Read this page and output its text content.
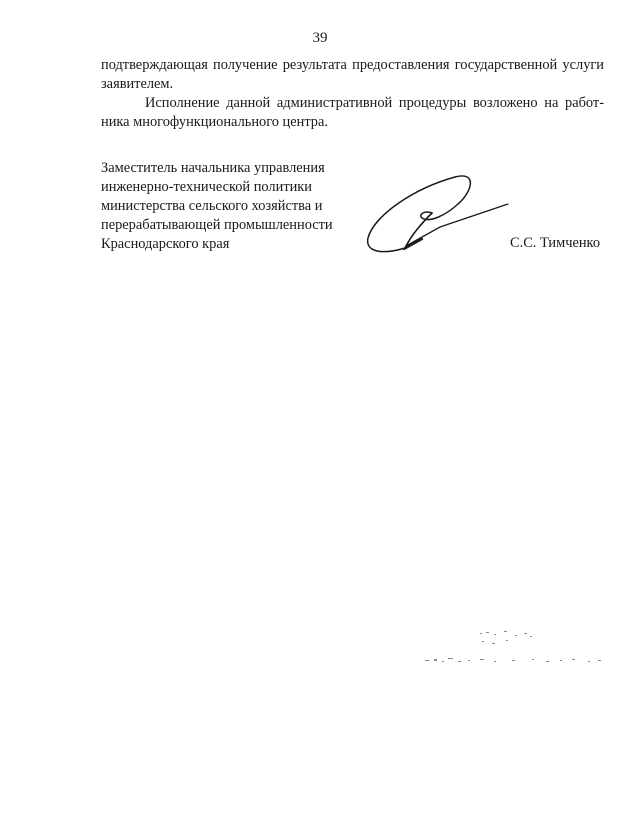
39
подтверждающая получение результата предоставления государственной услуги
заявителем.
Исполнение данной административной процедуры возложено на работ-
ника многофункционального центра.
Заместитель начальника управления
инженерно-технической политики
министерства сельского хозяйства и
перерабатывающей промышленности
Краснодарского края	С.С. Тимченко
